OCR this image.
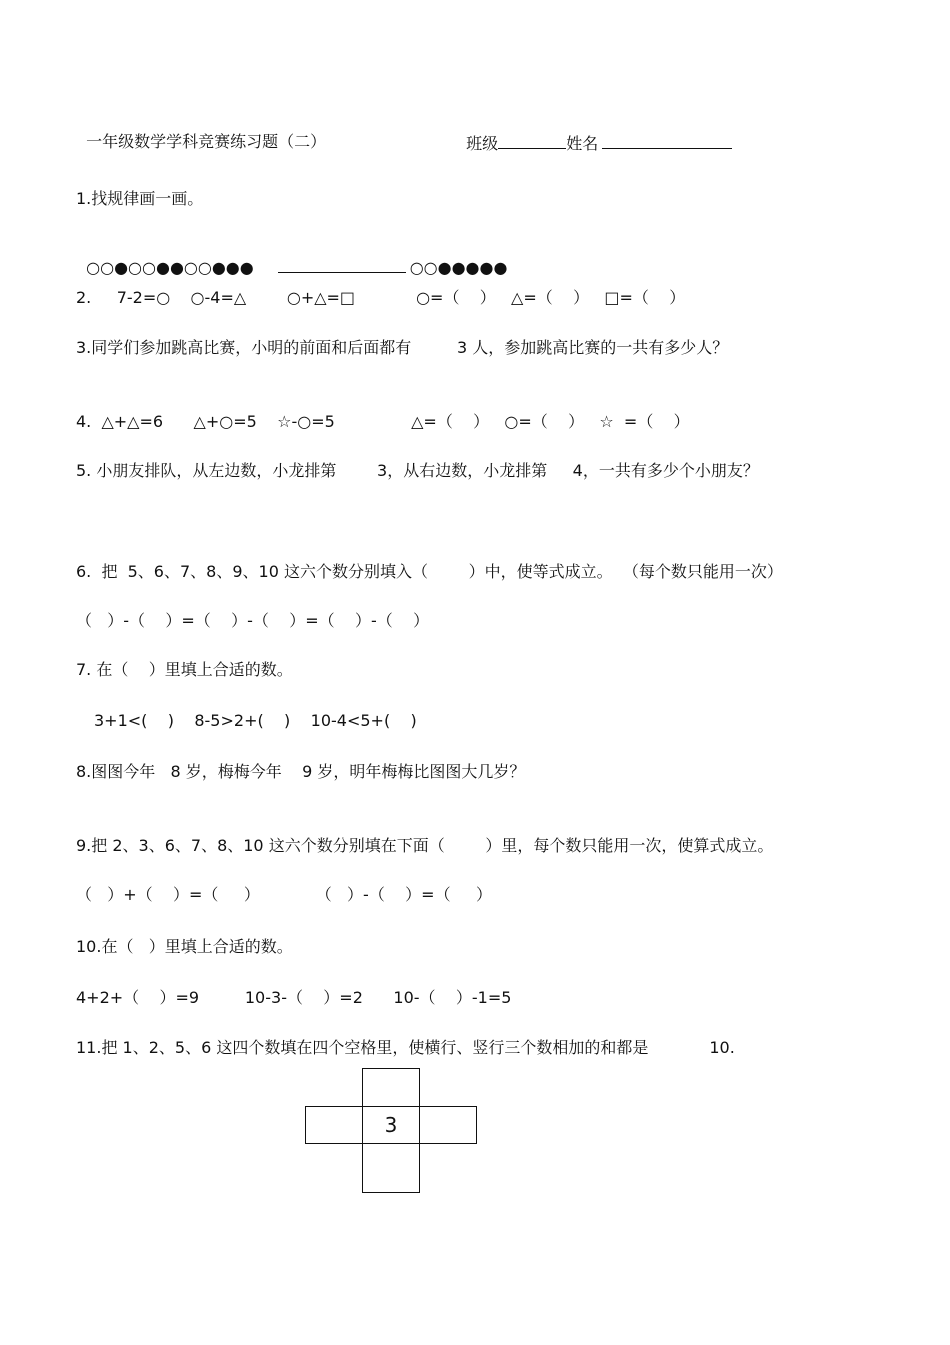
一年级数学学科竞赛练习题（二）	班级	姓名

1.找规律画一画。

○○●○○●●○○●●●	○○●●●●●

2.     7-2=○    ○-4=△        ○+△=□            ○=（    ）   △=（    ）   □=（    ）
3.同学们参加跳高比赛，小明的前面和后面都有         3 人，参加跳高比赛的一共有多少人？
4.  △+△=6      △+○=5    ☆-○=5               △=（    ）   ○=（    ）   ☆  =（    ）
5. 小朋友排队，从左边数，小龙排第        3，从右边数，小龙排第     4，一共有多少个小朋友？
6.  把  5、6、7、8、9、10 这六个数分别填入（        ）中，使等式成立。  （每个数只能用一次）
（   ）-（    ）=（    ）-（    ）=（    ）-（    ）
7. 在（    ）里填上合适的数。
3+1<(    )    8-5>2+(    )    10-4<5+(    )
8.图图今年   8 岁，梅梅今年    9 岁，明年梅梅比图图大几岁？
9.把 2、3、6、7、8、10 这六个数分别填在下面（        ）里，每个数只能用一次，使算式成立。
（   ）+（    ）=（     ）           （   ）-（    ）=（     ）
10.在（   ）里填上合适的数。
4+2+（    ）=9         10-3-（    ）=2      10-（    ）-1=5
11.把 1、2、5、6 这四个数填在四个空格里，使横行、竖行三个数相加的和都是            10.
3
